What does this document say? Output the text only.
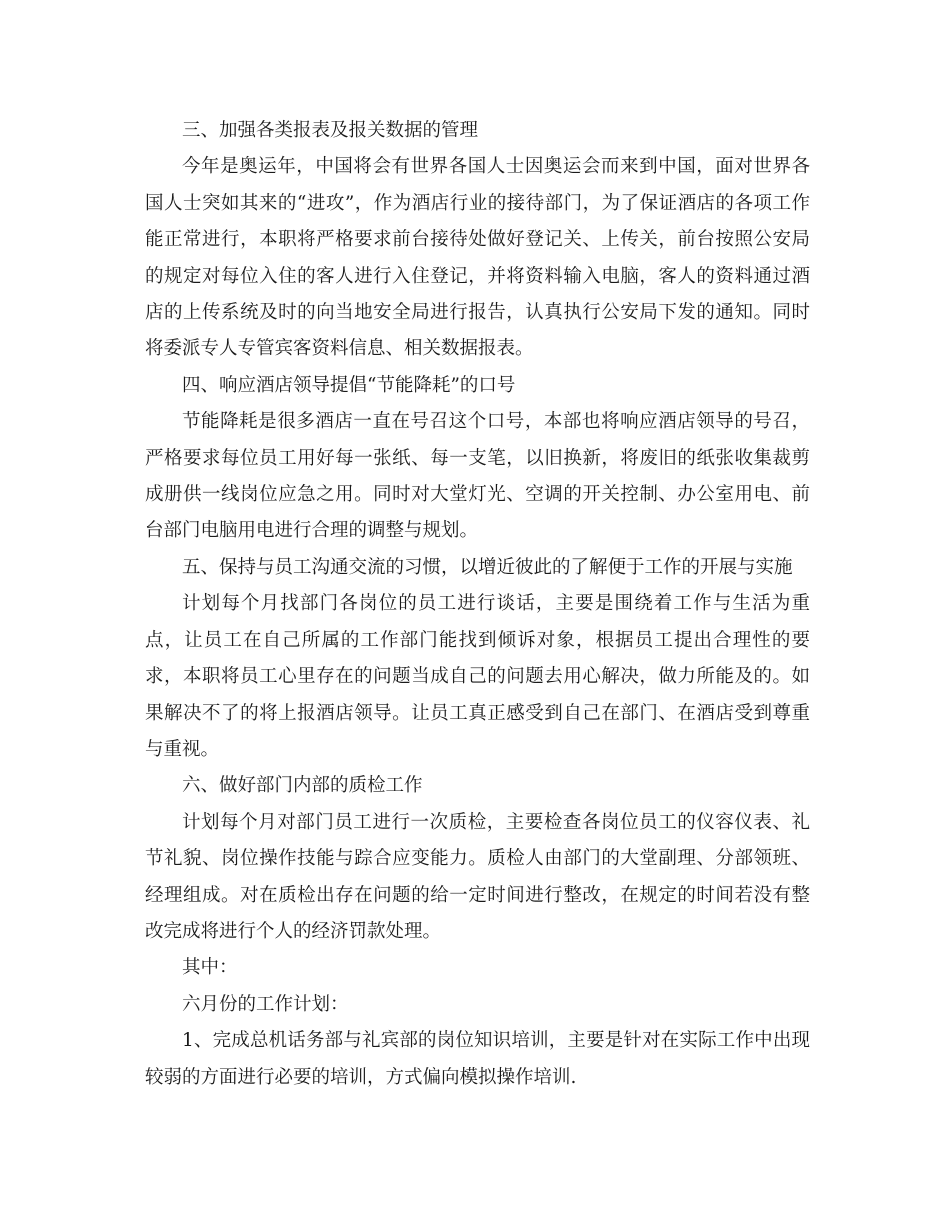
三、加强各类报表及报关数据的管理

今年是奥运年，中国将会有世界各国人士因奥运会而来到中国，面对世界各国人士突如其来的“进攻”，作为酒店行业的接待部门，为了保证酒店的各项工作能正常进行，本职将严格要求前台接待处做好登记关、上传关，前台按照公安局的规定对每位入住的客人进行入住登记，并将资料输入电脑，客人的资料通过酒店的上传系统及时的向当地安全局进行报告，认真执行公安局下发的通知。同时将委派专人专管宾客资料信息、相关数据报表。

四、响应酒店领导提倡“节能降耗”的口号

节能降耗是很多酒店一直在号召这个口号，本部也将响应酒店领导的号召，严格要求每位员工用好每一张纸、每一支笔，以旧换新，将废旧的纸张收集裁剪成册供一线岗位应急之用。同时对大堂灯光、空调的开关控制、办公室用电、前台部门电脑用电进行合理的调整与规划。

五、保持与员工沟通交流的习惯，以增近彼此的了解便于工作的开展与实施

计划每个月找部门各岗位的员工进行谈话，主要是围绕着工作与生活为重点，让员工在自己所属的工作部门能找到倾诉对象，根据员工提出合理性的要求，本职将员工心里存在的问题当成自己的问题去用心解决，做力所能及的。如果解决不了的将上报酒店领导。让员工真正感受到自己在部门、在酒店受到尊重与重视。

六、做好部门内部的质检工作

计划每个月对部门员工进行一次质检，主要检查各岗位员工的仪容仪表、礼节礼貌、岗位操作技能与踪合应变能力。质检人由部门的大堂副理、分部领班、经理组成。对在质检出存在问题的给一定时间进行整改，在规定的时间若没有整改完成将进行个人的经济罚款处理。

其中：

六月份的工作计划：

1、完成总机话务部与礼宾部的岗位知识培训，主要是针对在实际工作中出现较弱的方面进行必要的培训，方式偏向模拟操作培训.
